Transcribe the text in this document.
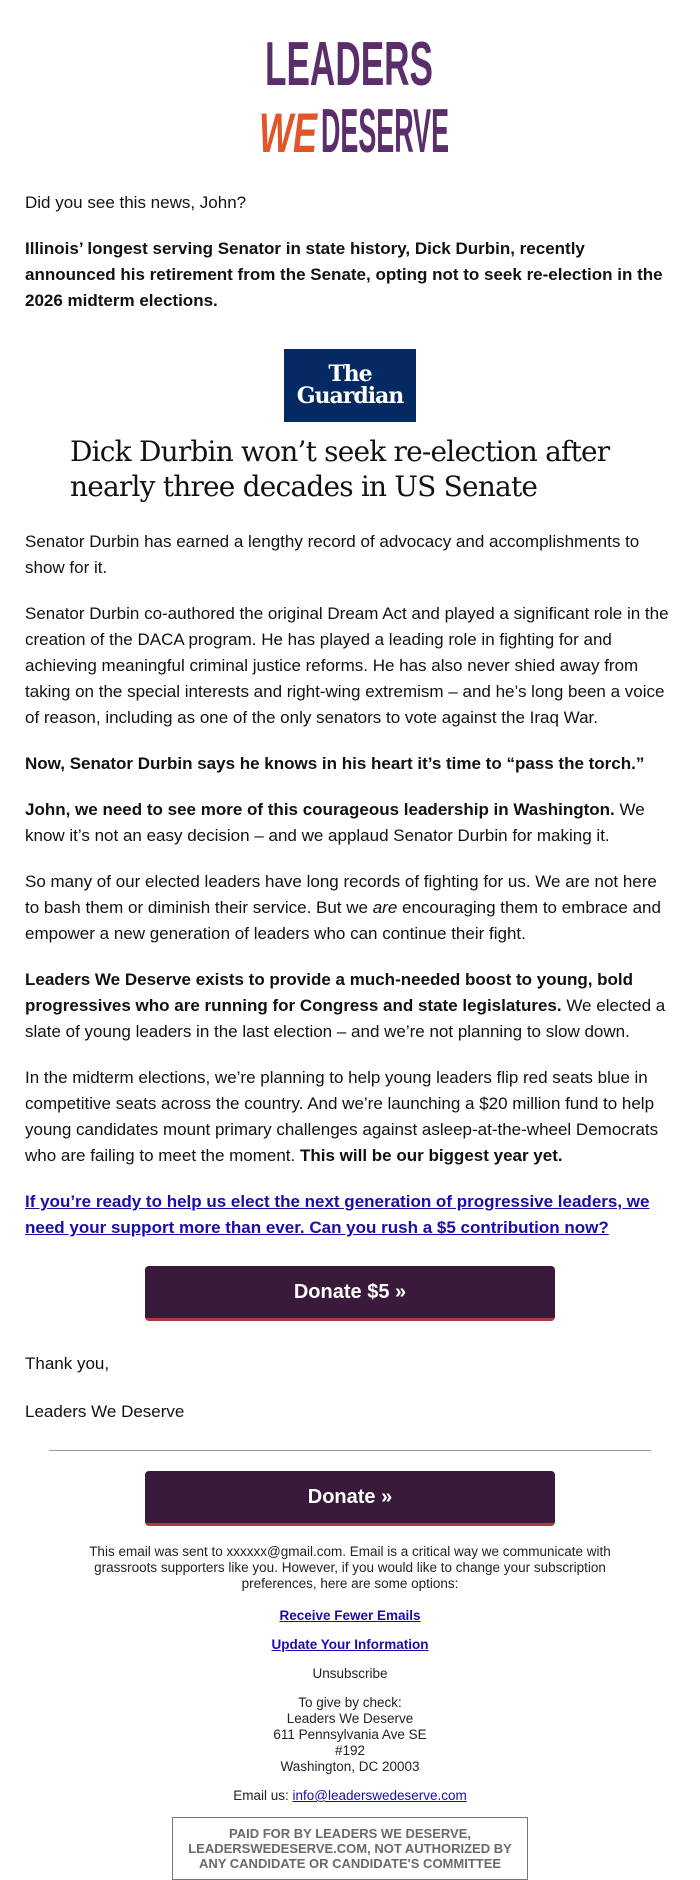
LEADERS
WE DESERVE

Did you see this news, John?

Illinois’ longest serving Senator in state history, Dick Durbin, recently announced his retirement from the Senate, opting not to seek re-election in the 2026 midterm elections.

The
Guardian
Dick Durbin won’t seek re-election after nearly three decades in US Senate

Senator Durbin has earned a lengthy record of advocacy and accomplishments to show for it.

Senator Durbin co-authored the original Dream Act and played a significant role in the creation of the DACA program. He has played a leading role in fighting for and achieving meaningful criminal justice reforms. He has also never shied away from taking on the special interests and right-wing extremism – and he’s long been a voice of reason, including as one of the only senators to vote against the Iraq War.

Now, Senator Durbin says he knows in his heart it’s time to “pass the torch.”

John, we need to see more of this courageous leadership in Washington. We know it’s not an easy decision – and we applaud Senator Durbin for making it.

So many of our elected leaders have long records of fighting for us. We are not here to bash them or diminish their service. But we are encouraging them to embrace and empower a new generation of leaders who can continue their fight.

Leaders We Deserve exists to provide a much-needed boost to young, bold progressives who are running for Congress and state legislatures. We elected a slate of young leaders in the last election – and we’re not planning to slow down.

In the midterm elections, we’re planning to help young leaders flip red seats blue in competitive seats across the country. And we’re launching a $20 million fund to help young candidates mount primary challenges against asleep-at-the-wheel Democrats who are failing to meet the moment. This will be our biggest year yet.

If you’re ready to help us elect the next generation of progressive leaders, we need your support more than ever. Can you rush a $5 contribution now?
Donate $5 »

Thank you,

Leaders We Deserve

Donate »
This email was sent to xxxxxx@gmail.com. Email is a critical way we communicate with grassroots supporters like you. However, if you would like to change your subscription preferences, here are some options:
Receive Fewer Emails
Update Your Information
Unsubscribe
To give by check:
Leaders We Deserve
611 Pennsylvania Ave SE
#192
Washington, DC 20003
Email us: info@leaderswedeserve.com
PAID FOR BY LEADERS WE DESERVE, LEADERSWEDESERVE.COM, NOT AUTHORIZED BY ANY CANDIDATE OR CANDIDATE'S COMMITTEE
